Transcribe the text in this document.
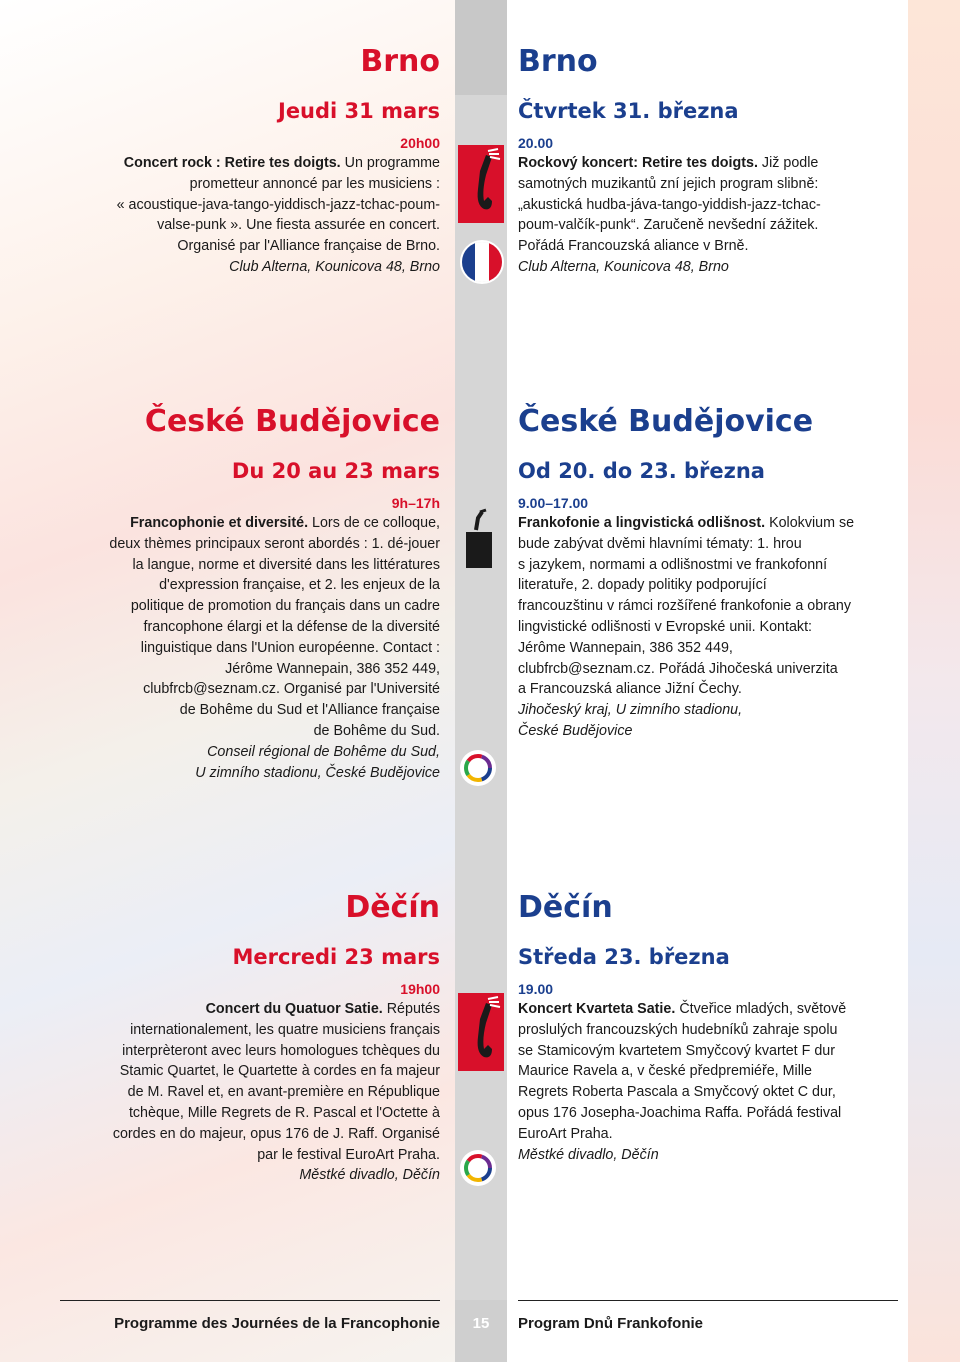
Brno

Jeudi 31 mars

20h00

Concert rock : Retire tes doigts. Un programme
prometteur annoncé par les musiciens :
« acoustique-java-tango-yiddisch-jazz-tchac-poum-
valse-punk ». Une fiesta assurée en concert.
Organisé par l'Alliance française de Brno.
Club Alterna, Kounicova 48, Brno

Brno

Čtvrtek 31. března

20.00

Rockový koncert: Retire tes doigts. Již podle
samotných muzikantů zní jejich program slibně:
„akustická hudba-jáva-tango-yiddish-jazz-tchac-
poum-valčík-punk“. Zaručeně nevšední zážitek.
Pořádá Francouzská aliance v Brně.
Club Alterna, Kounicova 48, Brno

České Budějovice

Du 20 au 23 mars

9h–17h

Francophonie et diversité. Lors de ce colloque,
deux thèmes principaux seront abordés : 1. dé-jouer
la langue, norme et diversité dans les littératures
d'expression française, et 2. les enjeux de la
politique de promotion du français dans un cadre
francophone élargi et la défense de la diversité
linguistique dans l'Union européenne. Contact :
Jérôme Wannepain, 386 352 449,
clubfrcb@seznam.cz. Organisé par l'Université
de Bohême du Sud et l'Alliance française
de Bohême du Sud.
Conseil régional de Bohême du Sud,
U zimního stadionu, České Budějovice

České Budějovice

Od 20. do 23. března

9.00–17.00

Frankofonie a lingvistická odlišnost. Kolokvium se
bude zabývat dvěmi hlavními tématy: 1. hrou
s jazykem, normami a odlišnostmi ve frankofonní
literatuře, 2. dopady politiky podporující
francouzštinu v rámci rozšířené frankofonie a obrany
lingvistické odlišnosti v Evropské unii. Kontakt:
Jérôme Wannepain, 386 352 449,
clubfrcb@seznam.cz. Pořádá Jihočeská univerzita
a Francouzská aliance Jižní Čechy.
Jihočeský kraj, U zimního stadionu,
České Budějovice

Děčín

Mercredi 23 mars

19h00

Concert du Quatuor Satie. Réputés
internationalement, les quatre musiciens français
interprèteront avec leurs homologues tchèques du
Stamic Quartet, le Quartette à cordes en fa majeur
de M. Ravel et, en avant-première en République
tchèque, Mille Regrets de R. Pascal et l'Octette à
cordes en do majeur, opus 176 de J. Raff. Organisé
par le festival EuroArt Praha.
Městké divadlo, Děčín

Děčín

Středa 23. března

19.00

Koncert Kvarteta Satie. Čtveřice mladých, světově
proslulých francouzských hudebníků zahraje spolu
se Stamicovým kvartetem Smyčcový kvartet F dur
Maurice Ravela a, v české předpremiéře, Mille
Regrets Roberta Pascala a Smyčcový oktet C dur,
opus 176 Josepha-Joachima Raffa. Pořádá festival
EuroArt Praha.
Městké divadlo, Děčín

15
Programme des Journées de la Francophonie	Program Dnů Frankofonie
